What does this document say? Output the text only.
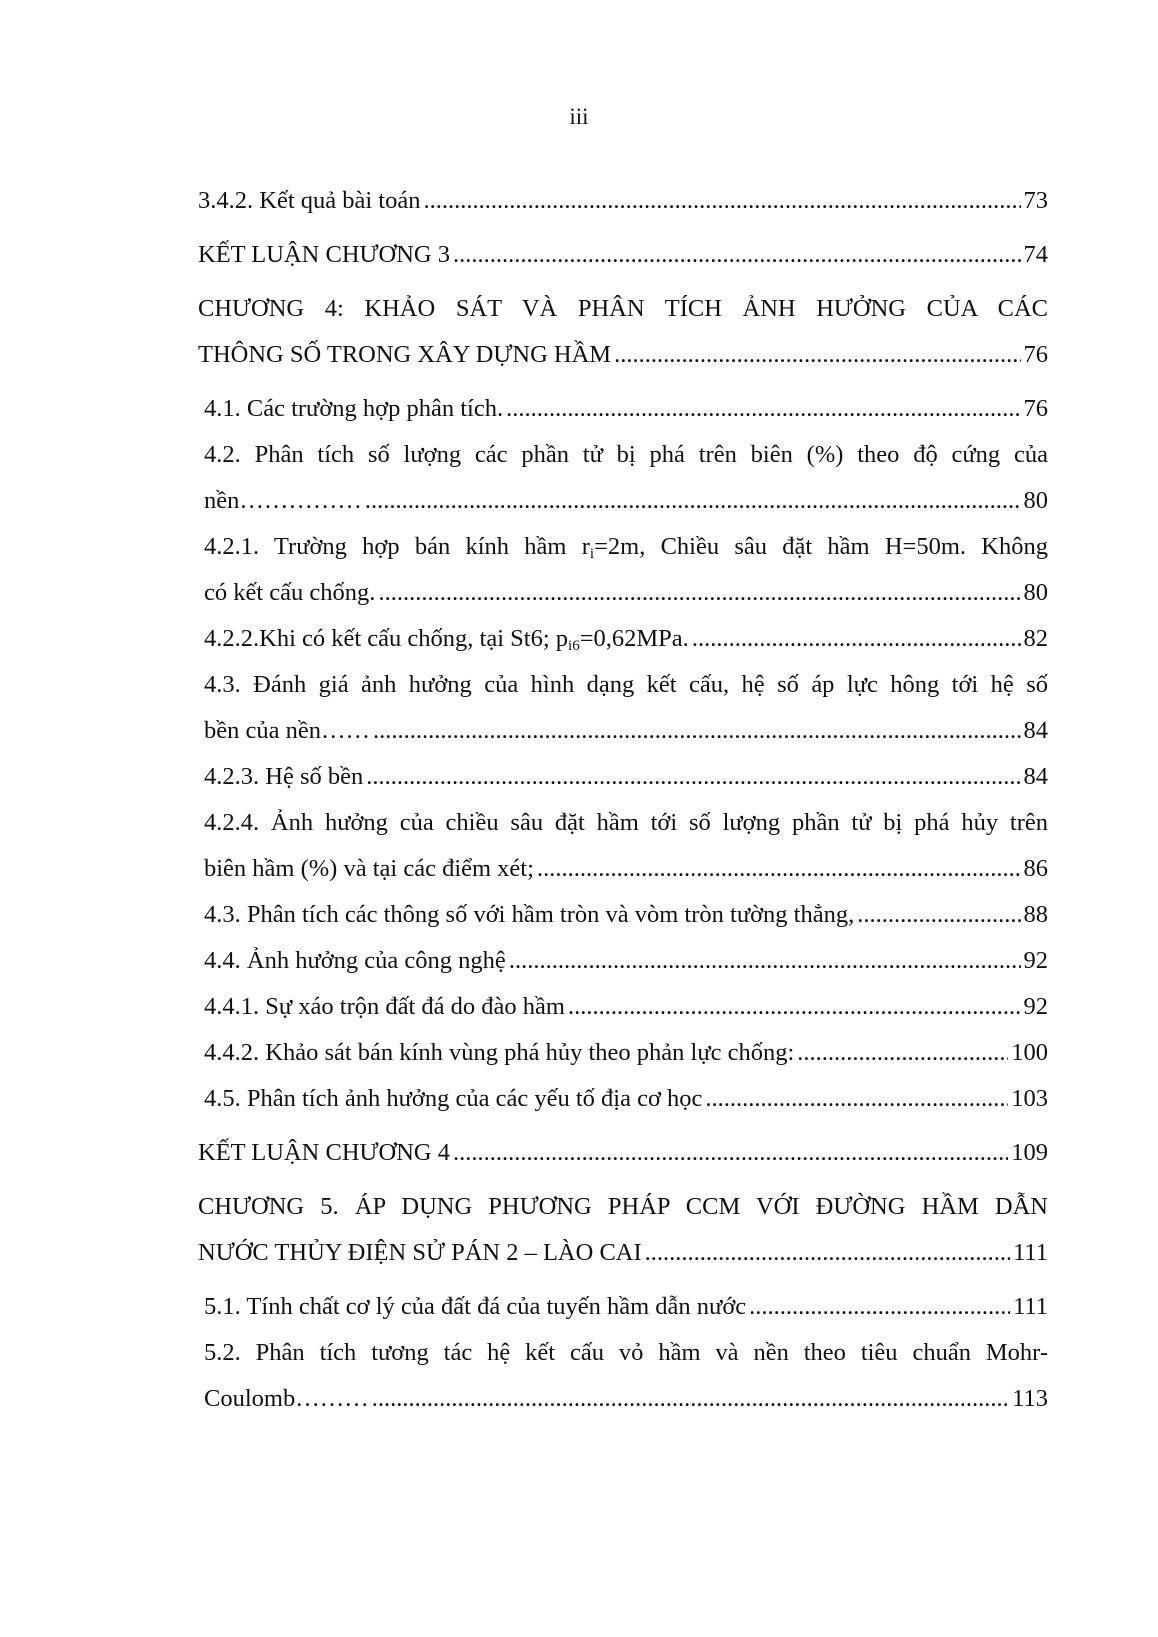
iii
3.4.2. Kết quả bài toán .....	73
KẾT LUẬN CHƯƠNG 3 .....	74
CHƯƠNG 4: KHẢO SÁT VÀ PHÂN TÍCH ẢNH HƯỞNG CỦA CÁC
THÔNG SỐ TRONG XÂY DỰNG HẦM .....	76
4.1. Các trường hợp phân tích. .....	76
4.2. Phân tích số lượng các phần tử bị phá trên biên (%) theo độ cứng của
nền…………… .....	80
4.2.1. Trường hợp bán kính hầm $r_i=2m$, Chiều sâu đặt hầm H=50m. Không
có kết cấu chống. .....	80
4.2.2.Khi có kết cấu chống, tại St6; $p_{i6}=0,62MPa$. .....	82
4.3. Đánh giá ảnh hưởng của hình dạng kết cấu, hệ số áp lực hông tới hệ số
bền của nền…… .....	84
4.2.3. Hệ số bền .....	84
4.2.4. Ảnh hưởng của chiều sâu đặt hầm tới số lượng phần tử bị phá hủy trên
biên hầm (%) và tại các điểm xét; .....	86
4.3. Phân tích các thông số với hầm tròn và vòm tròn tường thẳng, .....	88
4.4. Ảnh hưởng của công nghệ .....	92
4.4.1. Sự xáo trộn đất đá do đào hầm .....	92
4.4.2. Khảo sát bán kính vùng phá hủy theo phản lực chống: .....	100
4.5. Phân tích ảnh hưởng của các yếu tố địa cơ học .....	103
KẾT LUẬN CHƯƠNG 4 .....	109
CHƯƠNG 5. ÁP DỤNG PHƯƠNG PHÁP CCM VỚI ĐƯỜNG HẦM DẪN
NƯỚC THỦY ĐIỆN SỬ PÁN 2 – LÀO CAI .....	111
5.1. Tính chất cơ lý của đất đá của tuyến hầm dẫn nước .....	111
5.2. Phân tích tương tác hệ kết cấu vỏ hầm và nền theo tiêu chuẩn Mohr-
Coulomb……… .....	113
